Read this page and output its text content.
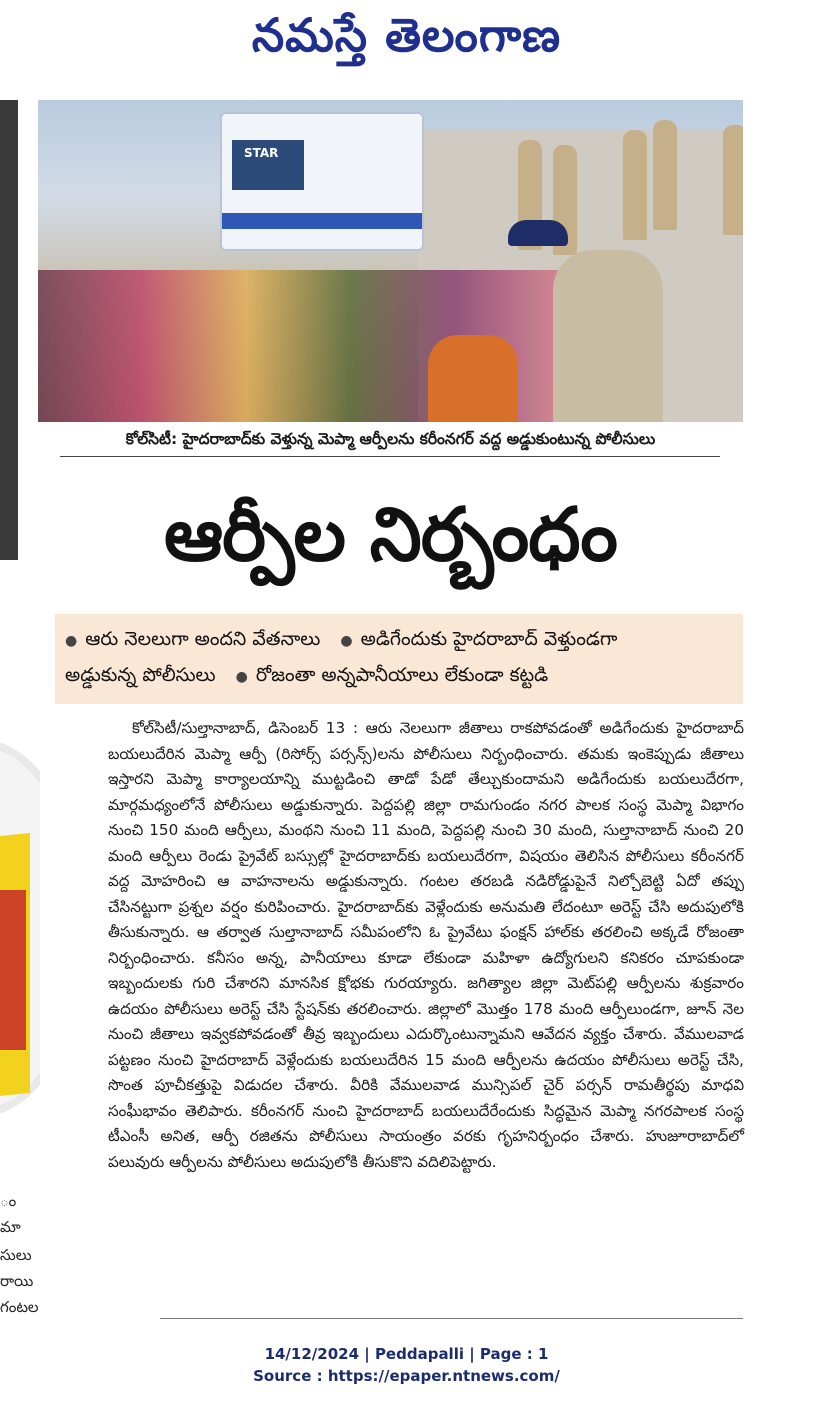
నమస్తే తెలంగాణ
ం
మా
సులు
రాయి
గంటల
STAR
కోల్‌సిటీ: హైదరాబాద్‌కు వెళ్తున్న మెప్మా ఆర్పీలను కరీంనగర్ వద్ద అడ్డుకుంటున్న పోలీసులు
ఆర్పీల నిర్బంధం
● ఆరు నెలలుగా అందని వేతనాలు ● అడిగేందుకు హైదరాబాద్ వెళ్తుండగా
అడ్డుకున్న పోలీసులు ● రోజంతా అన్నపానీయాలు లేకుండా కట్టడి

కోల్‌సిటీ/సుల్తానాబాద్, డిసెంబర్ 13 : ఆరు నెలలుగా జీతాలు రాకపోవడంతో అడిగేందుకు హైదరాబాద్ బయలుదేరిన మెప్మా ఆర్పీ (రిసోర్స్ పర్సన్స్)లను పోలీసులు నిర్బంధించారు. తమకు ఇంకెప్పుడు జీతాలు ఇస్తారని మెప్మా కార్యాలయాన్ని ముట్టడించి తాడో పేడో తేల్చుకుందామని అడిగేందుకు బయలుదేరగా, మార్గమధ్యంలోనే పోలీసులు అడ్డుకున్నారు. పెద్దపల్లి జిల్లా రామగుండం నగర పాలక సంస్థ మెప్మా విభాగం నుంచి 150 మంది ఆర్పీలు, మంథని నుంచి 11 మంది, పెద్దపల్లి నుంచి 30 మంది, సుల్తానాబాద్ నుంచి 20 మంది ఆర్పీలు రెండు ప్రైవేట్ బస్సుల్లో హైదరాబాద్‌కు బయలుదేరగా, విషయం తెలిసిన పోలీసులు కరీంనగర్ వద్ద మోహరించి ఆ వాహనాలను అడ్డుకున్నారు. గంటల తరబడి నడిరోడ్డుపైనే నిల్చోబెట్టి ఏదో తప్పు చేసినట్టుగా ప్రశ్నల వర్షం కురిపించారు. హైదరాబాద్‌కు వెళ్లేందుకు అనుమతి లేదంటూ అరెస్ట్ చేసి అదుపులోకి తీసుకున్నారు. ఆ తర్వాత సుల్తానాబాద్ సమీపంలోని ఓ ప్రైవేటు ఫంక్షన్ హాల్‌కు తరలించి అక్కడే రోజంతా నిర్బంధించారు. కనీసం అన్న, పానీయాలు కూడా లేకుండా మహిళా ఉద్యోగులని కనికరం చూపకుండా ఇబ్బందులకు గురి చేశారని మానసిక క్షోభకు గురయ్యారు. జగిత్యాల జిల్లా మెట్‌పల్లి ఆర్పీలను శుక్రవారం ఉదయం పోలీసులు అరెస్ట్ చేసి స్టేషన్‌కు తరలించారు. జిల్లాలో మొత్తం 178 మంది ఆర్పీలుండగా, జూన్ నెల నుంచి జీతాలు ఇవ్వకపోవడంతో తీవ్ర ఇబ్బందులు ఎదుర్కొంటున్నామని ఆవేదన వ్యక్తం చేశారు. వేములవాడ పట్టణం నుంచి హైదరాబాద్ వెళ్లేందుకు బయలుదేరిన 15 మంది ఆర్పీలను ఉదయం పోలీసులు అరెస్ట్ చేసి, సొంత పూచీకత్తుపై విడుదల చేశారు. వీరికి వేములవాడ మున్సిపల్ చైర్ పర్సన్ రామతీర్థపు మాధవి సంఘీభావం తెలిపారు. కరీంనగర్ నుంచి హైదరాబాద్ బయలుదేరేందుకు సిద్ధమైన మెప్మా నగరపాలక సంస్థ టీఎంసీ అనిత, ఆర్పీ రజితను పోలీసులు సాయంత్రం వరకు గృహనిర్బంధం చేశారు. హుజూరాబాద్‌లో పలువురు ఆర్పీలను పోలీసులు అదుపులోకి తీసుకొని వదిలిపెట్టారు.

14/12/2024 | Peddapalli | Page : 1
Source : https://epaper.ntnews.com/
